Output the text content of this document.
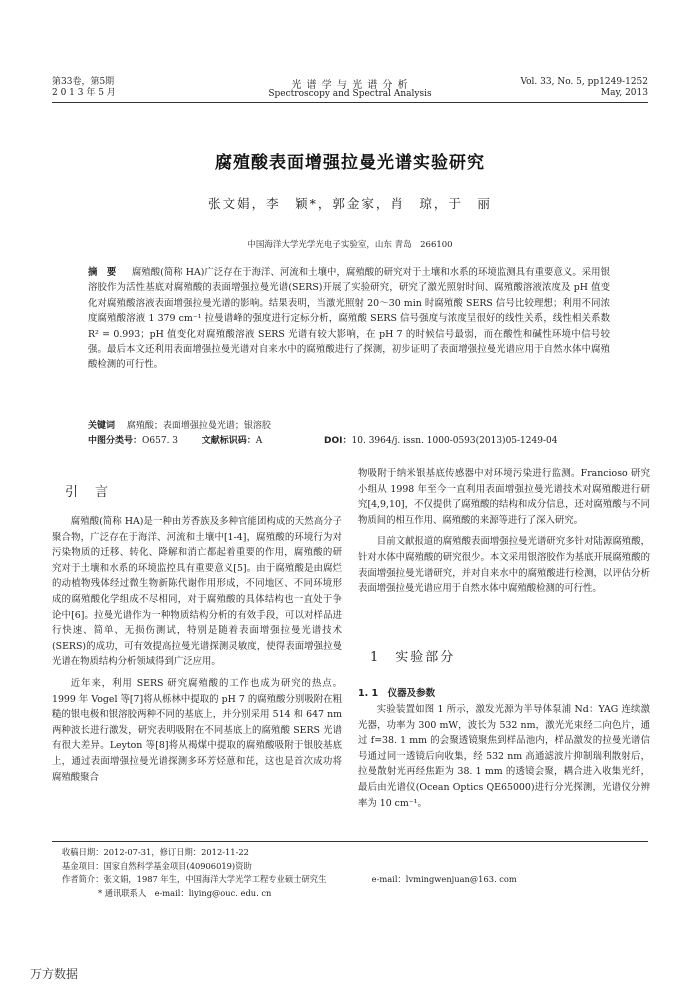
第33卷，第5期
2 0 1 3 年 5 月
光 谱 学 与 光 谱 分 析
Spectroscopy and Spectral Analysis
Vol. 33, No. 5, pp1249-1252
May, 2013
腐殖酸表面增强拉曼光谱实验研究
张文娟，李　颖*，郭金家，肖　琼，于　丽
中国海洋大学光学光电子实验室，山东 青岛　266100
摘　要 　 腐殖酸(简称 HA)广泛存在于海洋、河流和土壤中，腐殖酸的研究对于土壤和水系的环境监测具有重要意义。采用银溶胶作为活性基底对腐殖酸的表面增强拉曼光谱(SERS)开展了实验研究，研究了激光照射时间、腐殖酸溶液浓度及 pH 值变化对腐殖酸溶液表面增强拉曼光谱的影响。结果表明，当激光照射 20～30 min 时腐殖酸 SERS 信号比较理想；利用不同浓度腐殖酸溶液 1 379 cm⁻¹ 拉曼谱峰的强度进行定标分析，腐殖酸 SERS 信号强度与浓度呈很好的线性关系，线性相关系数 R² = 0.993；pH 值变化对腐殖酸溶液 SERS 光谱有较大影响，在 pH 7 的时候信号最弱，而在酸性和碱性环境中信号较强。最后本文还利用表面增强拉曼光谱对自来水中的腐殖酸进行了探测，初步证明了表面增强拉曼光谱应用于自然水体中腐殖酸检测的可行性。
关键词　 腐殖酸；表面增强拉曼光谱；银溶胶
中图分类号：O657. 3	文献标识码：A	DOI：10. 3964/j. issn. 1000-0593(2013)05-1249-04
引　言

腐殖酸(简称 HA)是一种由芳香族及多种官能团构成的天然高分子聚合物，广泛存在于海洋、河流和土壤中[1-4]，腐殖酸的环境行为对污染物质的迁移、转化、降解和消亡都起着重要的作用，腐殖酸的研究对于土壤和水系的环境监控具有重要意义[5]。由于腐殖酸是由腐烂的动植物残体经过微生物新陈代谢作用形成，不同地区、不同环境形成的腐殖酸化学组成不尽相同，对于腐殖酸的具体结构也一直处于争论中[6]。拉曼光谱作为一种物质结构分析的有效手段，可以对样品进行快速、简单、无损伤测试，特别是随着表面增强拉曼光谱技术(SERS)的成功，可有效提高拉曼光谱探测灵敏度，使得表面增强拉曼光谱在物质结构分析领域得到广泛应用。

近年来，利用 SERS 研究腐殖酸的工作也成为研究的热点。1999 年 Vogel 等[7]将从栎林中提取的 pH 7 的腐殖酸分别吸附在粗糙的银电极和银溶胶两种不同的基底上，并分别采用 514 和 647 nm 两种波长进行激发，研究表明吸附在不同基底上的腐殖酸 SERS 光谱有很大差异。Leyton 等[8]将从褐煤中提取的腐殖酸吸附于银胶基底上，通过表面增强拉曼光谱探测多环芳烃蒽和芘，这也是首次成功将腐殖酸聚合

物吸附于纳米银基底传感器中对环境污染进行监测。Francioso 研究小组从 1998 年至今一直利用表面增强拉曼光谱技术对腐殖酸进行研究[4,9,10]，不仅提供了腐殖酸的结构和成分信息，还对腐殖酸与不同物质间的相互作用、腐殖酸的来源等进行了深入研究。

目前文献报道的腐殖酸表面增强拉曼光谱研究多针对陆源腐殖酸，针对水体中腐殖酸的研究很少。本文采用银溶胶作为基底开展腐殖酸的表面增强拉曼光谱研究，并对自来水中的腐殖酸进行检测，以评估分析表面增强拉曼光谱应用于自然水体中腐殖酸检测的可行性。

1　实验部分
1. 1　仪器及参数

实验装置如图 1 所示，激发光源为半导体泵浦 Nd：YAG 连续激光器，功率为 300 mW，波长为 532 nm，激光光束经二向色片，通过 f=38. 1 mm 的会聚透镜聚焦到样品池内，样品激发的拉曼光谱信号通过同一透镜后向收集，经 532 nm 高通滤波片抑制瑞利散射后，拉曼散射光再经焦距为 38. 1 mm 的透镜会聚，耦合进入收集光纤，最后由光谱仪(Ocean Optics QE65000)进行分光探测，光谱仪分辨率为 10 cm⁻¹。

收稿日期：2012-07-31，修订日期：2012-11-22
基金项目：国家自然科学基金项目(40906019)资助
作者简介：张文娟，1987 年生，中国海洋大学光学工程专业硕士研究生	e-mail：lvmingwenjuan@163. com
* 通讯联系人　e-mail：liying@ouc. edu. cn
万方数据
